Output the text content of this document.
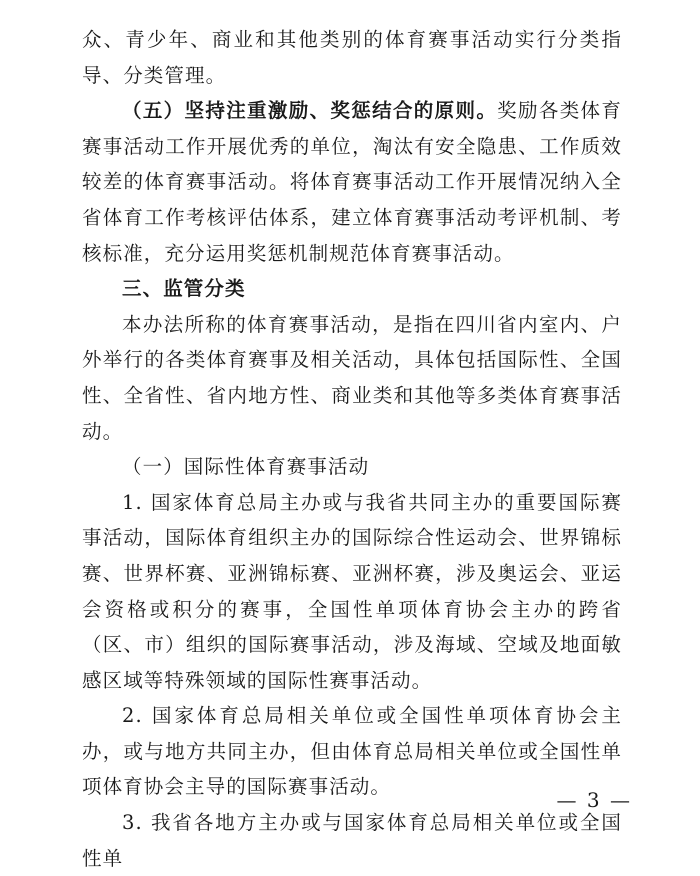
众、青少年、商业和其他类别的体育赛事活动实行分类指导、分类管理。

（五）坚持注重激励、奖惩结合的原则。奖励各类体育赛事活动工作开展优秀的单位，淘汰有安全隐患、工作质效较差的体育赛事活动。将体育赛事活动工作开展情况纳入全省体育工作考核评估体系，建立体育赛事活动考评机制、考核标准，充分运用奖惩机制规范体育赛事活动。

三、监管分类

本办法所称的体育赛事活动，是指在四川省内室内、户外举行的各类体育赛事及相关活动，具体包括国际性、全国性、全省性、省内地方性、商业类和其他等多类体育赛事活动。

（一）国际性体育赛事活动

1. 国家体育总局主办或与我省共同主办的重要国际赛事活动，国际体育组织主办的国际综合性运动会、世界锦标赛、世界杯赛、亚洲锦标赛、亚洲杯赛，涉及奥运会、亚运会资格或积分的赛事，全国性单项体育协会主办的跨省（区、市）组织的国际赛事活动，涉及海域、空域及地面敏感区域等特殊领域的国际性赛事活动。

2. 国家体育总局相关单位或全国性单项体育协会主办，或与地方共同主办，但由体育总局相关单位或全国性单项体育协会主导的国际赛事活动。

3. 我省各地方主办或与国家体育总局相关单位或全国性单

— 3 —
